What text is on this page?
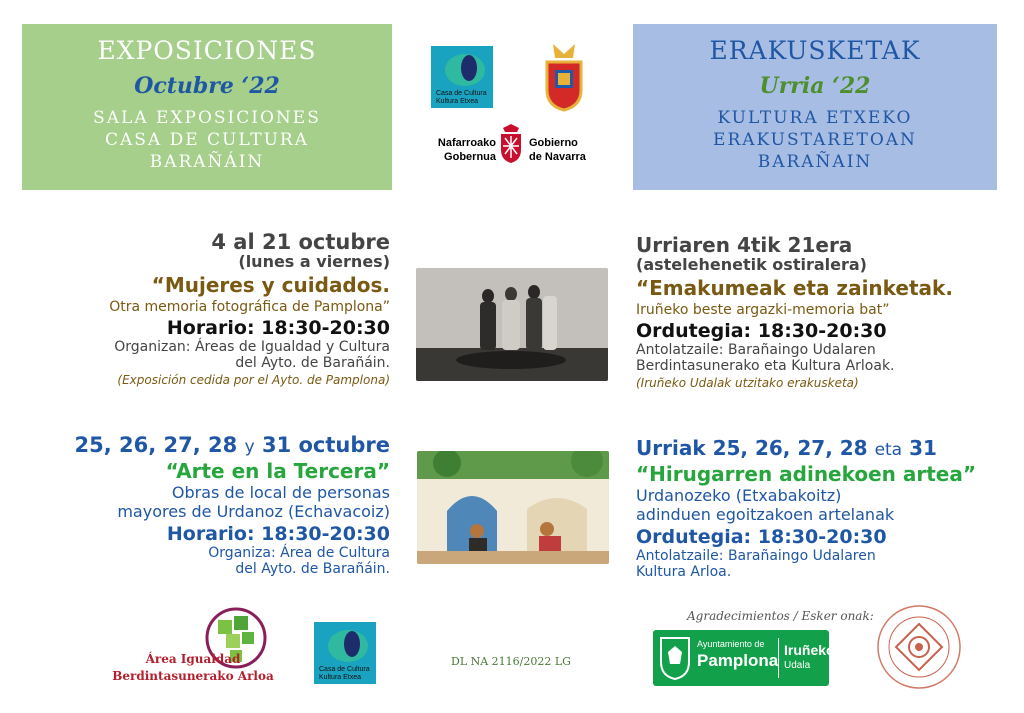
EXPOSICIONES
Octubre ‘22
SALA EXPOSICIONES
CASA DE CULTURA
BARAÑÁIN
ERAKUSKETAK
Urria ‘22
KULTURA ETXEKO
ERAKUSTARETOAN
BARAÑAIN
Casa de Cultura
Kultura Etxea
Nafarroako
Gobernua
Gobierno
de Navarra
4 al 21 octubre
(lunes a viernes)
“Mujeres y cuidados.
Otra memoria fotográfica de Pamplona”
Horario: 18:30-20:30
Organizan: Áreas de Igualdad y Cultura
del Ayto. de Barañáin.
(Exposición cedida por el Ayto. de Pamplona)
Urriaren 4tik 21era
(astelehenetik ostiralera)
“Emakumeak eta zainketak.
Iruñeko beste argazki-memoria bat”
Ordutegia: 18:30-20:30
Antolatzaile: Barañaingo Udalaren
Berdintasunerako eta Kultura Arloak.
(Iruñeko Udalak utzitako erakusketa)
25, 26, 27, 28 y 31 octubre
“Arte en la Tercera”
Obras de local de personas
mayores de Urdanoz (Echavacoiz)
Horario: 18:30-20:30
Organiza: Área de Cultura
del Ayto. de Barañáin.
Urriak 25, 26, 27, 28 eta 31
“Hirugarren adinekoen artea”
Urdanozeko (Etxabakoitz)
adinduen egoitzakoen artelanak
Ordutegia: 18:30-20:30
Antolatzaile: Barañaingo Udalaren
Kultura Arloa.
Área Igualdad
Berdintasunerako Arloa	Casa de Cultura
Kultura Etxea
DL NA 2116/2022 LG
Agradecimientos / Esker onak:
Ayuntamiento de
Pamplona
Iruñeko
Udala
